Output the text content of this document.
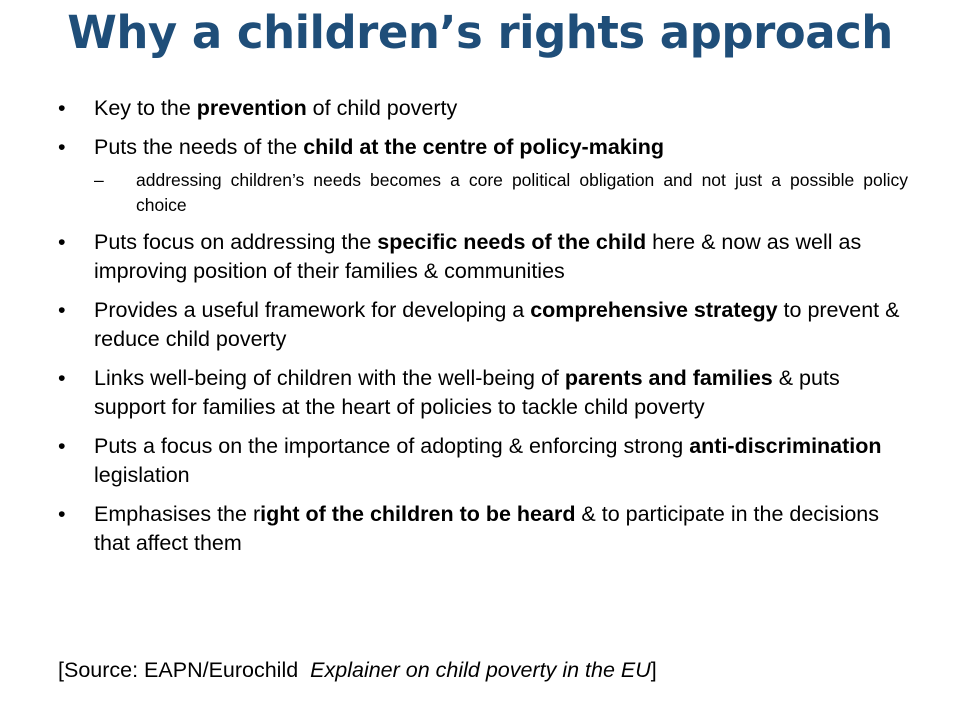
Why a children’s rights approach
• Key to the prevention of child poverty
• Puts the needs of the child at the centre of policy-making
– addressing children’s needs becomes a core political obligation and not just a possible policy choice
• Puts focus on addressing the specific needs of the child here & now as well as improving position of their families & communities
• Provides a useful framework for developing a comprehensive strategy to prevent & reduce child poverty
• Links well-being of children with the well-being of parents and families & puts support for families at the heart of policies to tackle child poverty
• Puts a focus on the importance of adopting & enforcing strong anti-discrimination legislation
• Emphasises the right of the children to be heard & to participate in the decisions that affect them
[Source: EAPN/Eurochild  Explainer on child poverty in the EU]
